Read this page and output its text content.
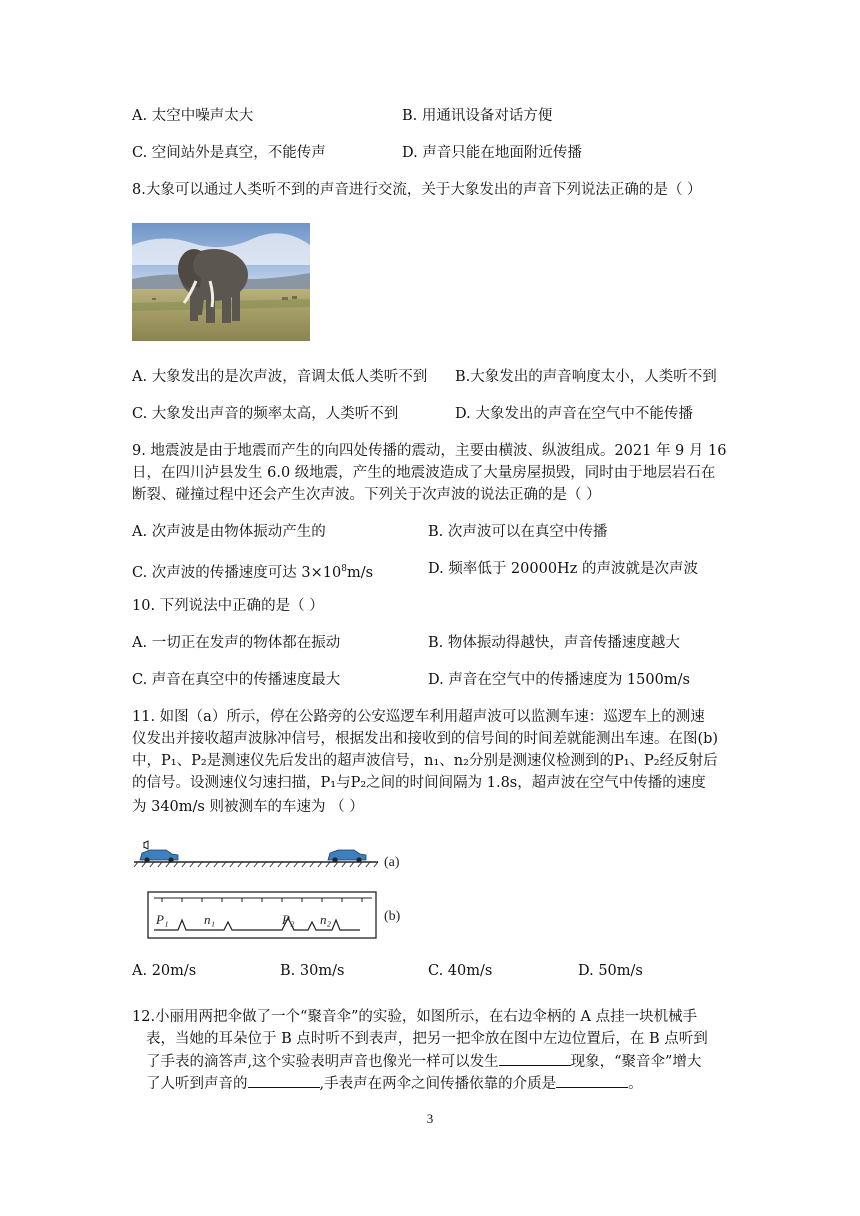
A. 太空中噪声太大	B. 用通讯设备对话方便
C. 空间站外是真空，不能传声	D. 声音只能在地面附近传播
8.大象可以通过人类听不到的声音进行交流，关于大象发出的声音下列说法正确的是（ ）
A. 大象发出的是次声波，音调太低人类听不到 B.大象发出的声音响度太小，人类听不到
C. 大象发出声音的频率太高，人类听不到	D. 大象发出的声音在空气中不能传播
9. 地震波是由于地震而产生的向四处传播的震动，主要由横波、纵波组成。2021 年 9 月 16
日，在四川泸县发生 6.0 级地震，产生的地震波造成了大量房屋损毁，同时由于地层岩石在
断裂、碰撞过程中还会产生次声波。下列关于次声波的说法正确的是（ ）
A. 次声波是由物体振动产生的	B. 次声波可以在真空中传播
C. 次声波的传播速度可达 $3\times 10^8m/s$	D. 频率低于 20000Hz 的声波就是次声波
10. 下列说法中正确的是（ ）
A. 一切正在发声的物体都在振动	B. 物体振动得越快，声音传播速度越大
C. 声音在真空中的传播速度最大	D. 声音在空气中的传播速度为 1500m/s
11. 如图（a）所示，停在公路旁的公安巡逻车利用超声波可以监测车速：巡逻车上的测速
仪发出并接收超声波脉冲信号，根据发出和接收到的信号间的时间差就能测出车速。在图(b)
中，P₁、P₂是测速仪先后发出的超声波信号，n₁、n₂分别是测速仪检测到的P₁、P₂经反射后
的信号。设测速仪匀速扫描，P₁与P₂之间的时间间隔为 1.8s，超声波在空气中传播的速度
为 340m/s 则被测车的车速为 （ ）
(a)
P₁	n₁	P₂ n₂	(b)
A. 20m/s	B. 30m/s	C. 40m/s	D. 50m/s
12.小丽用两把伞做了一个“聚音伞”的实验，如图所示，在右边伞柄的 A 点挂一块机械手
表，当她的耳朵位于 B 点时听不到表声，把另一把伞放在图中左边位置后，在 B 点听到
了手表的滴答声,这个实验表明声音也像光一样可以发生	现象，“聚音伞”增大
了人听到声音的	,手表声在两伞之间传播依靠的介质是	。
3
